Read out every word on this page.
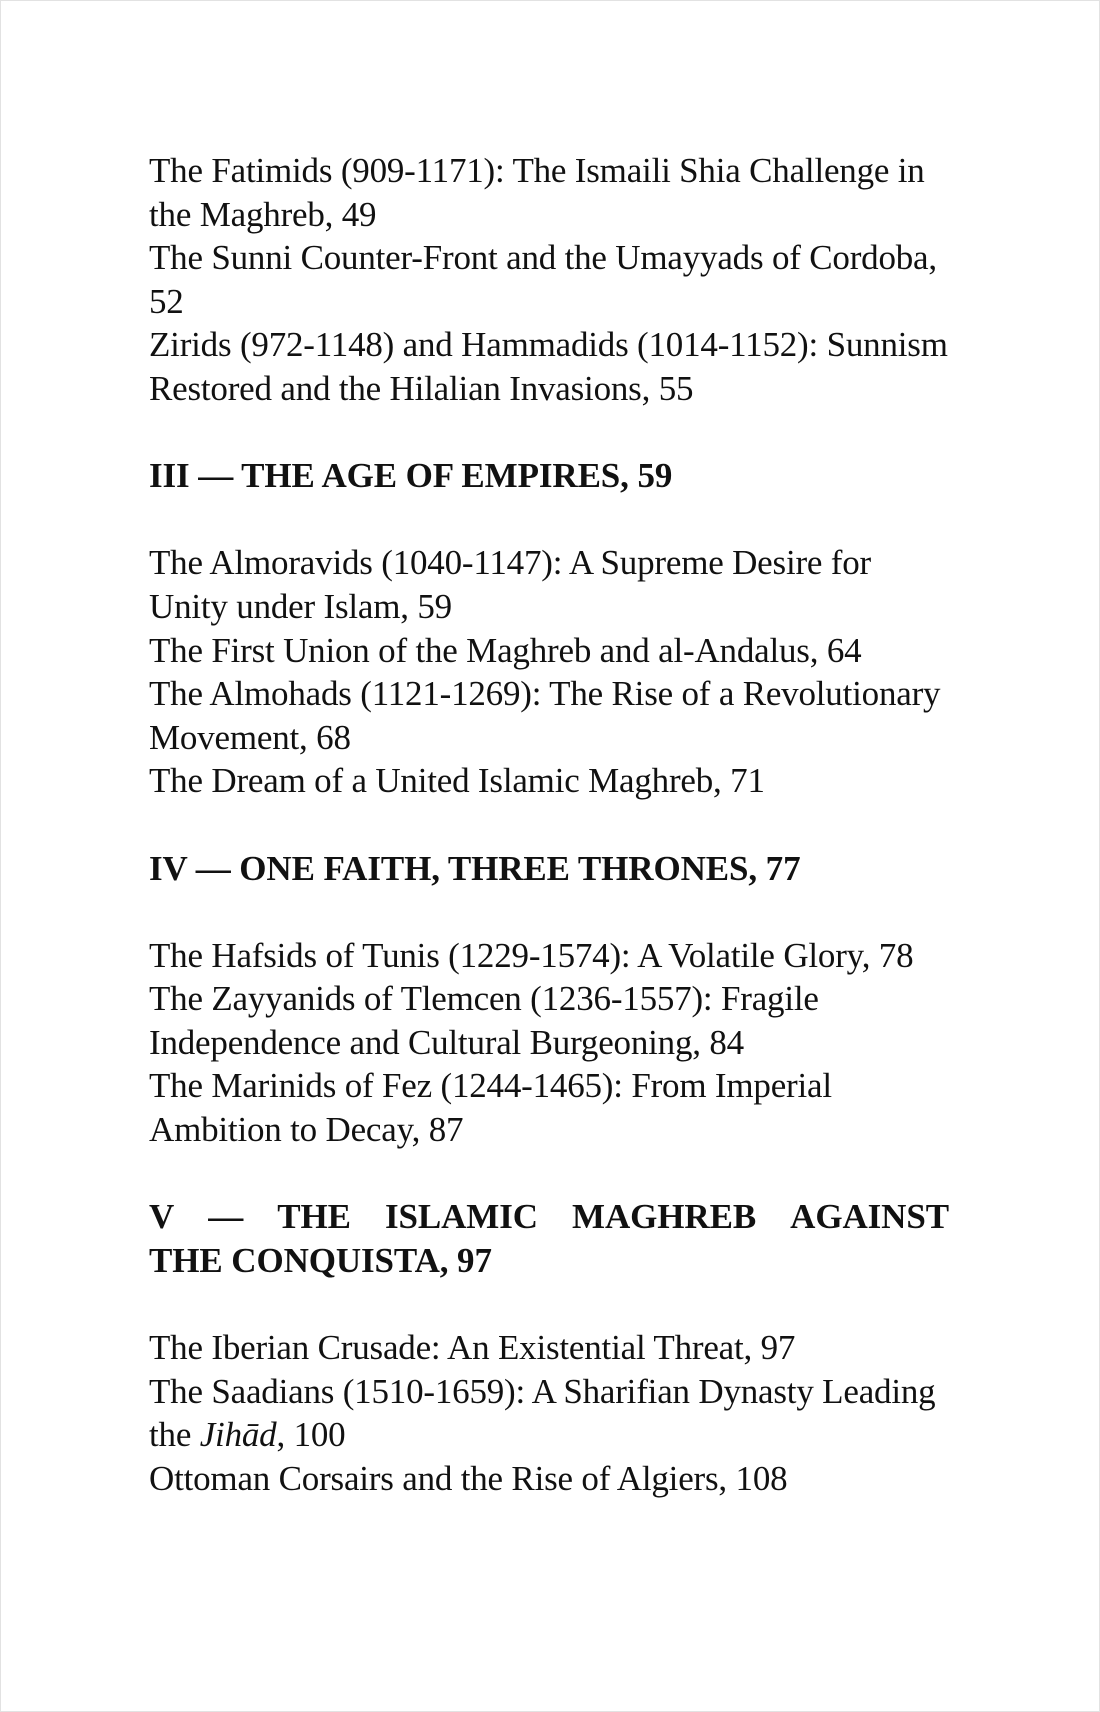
The Fatimids (909-1171): The Ismaili Shia Challenge in the Maghreb, 49

The Sunni Counter-Front and the Umayyads of Cordoba, 52

Zirids (972-1148) and Hammadids (1014-1152): Sunnism Restored and the Hilalian Invasions, 55

III — THE AGE OF EMPIRES, 59

The Almoravids (1040-1147): A Supreme Desire for Unity under Islam, 59

The First Union of the Maghreb and al-Andalus, 64

The Almohads (1121-1269): The Rise of a Revolutionary Movement, 68

The Dream of a United Islamic Maghreb, 71

IV — ONE FAITH, THREE THRONES, 77

The Hafsids of Tunis (1229-1574): A Volatile Glory, 78

The Zayyanids of Tlemcen (1236-1557): Fragile Independence and Cultural Burgeoning, 84

The Marinids of Fez (1244-1465): From Imperial Ambition to Decay, 87

V — THE ISLAMIC MAGHREB AGAINST
THE CONQUISTA, 97

The Iberian Crusade: An Existential Threat, 97

The Saadians (1510-1659): A Sharifian Dynasty Leading the Jihād, 100

Ottoman Corsairs and the Rise of Algiers, 108
